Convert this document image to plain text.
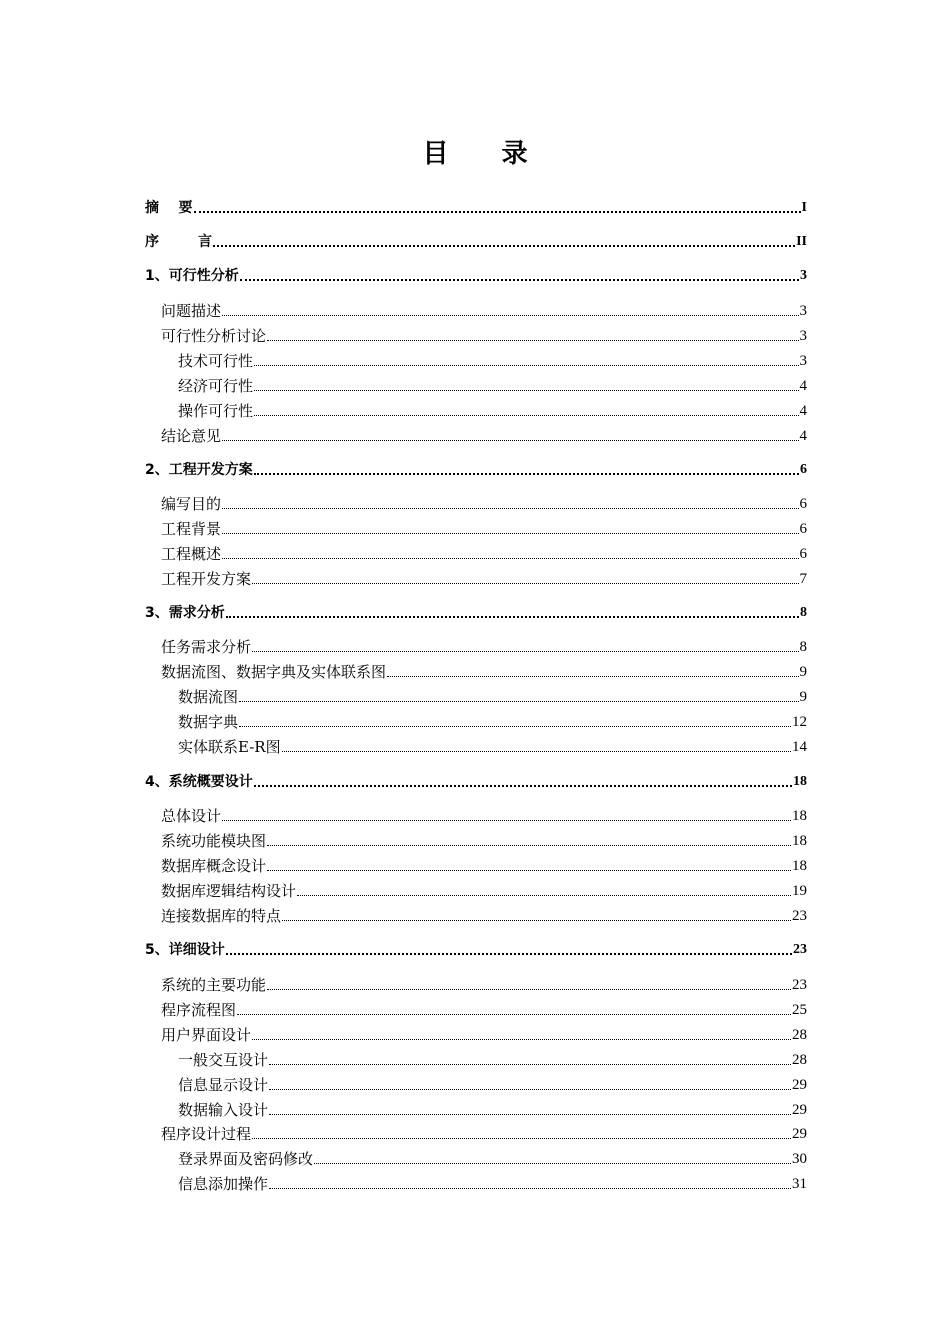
目 录
摘    要	I
序        言	II
1、可行性分析	3
问题描述	3
可行性分析讨论	3
技术可行性	3
经济可行性	4
操作可行性	4
结论意见	4
2、工程开发方案	6
编写目的	6
工程背景	6
工程概述	6
工程开发方案	7
3、需求分析	8
任务需求分析	8
数据流图、数据字典及实体联系图	9
数据流图	9
数据字典	12
实体联系E-R图	14
4、系统概要设计	18
总体设计	18
系统功能模块图	18
数据库概念设计	18
数据库逻辑结构设计	19
连接数据库的特点	23
5、详细设计	23
系统的主要功能	23
程序流程图	25
用户界面设计	28
一般交互设计	28
信息显示设计	29
数据输入设计	29
程序设计过程	29
登录界面及密码修改	30
信息添加操作	31
